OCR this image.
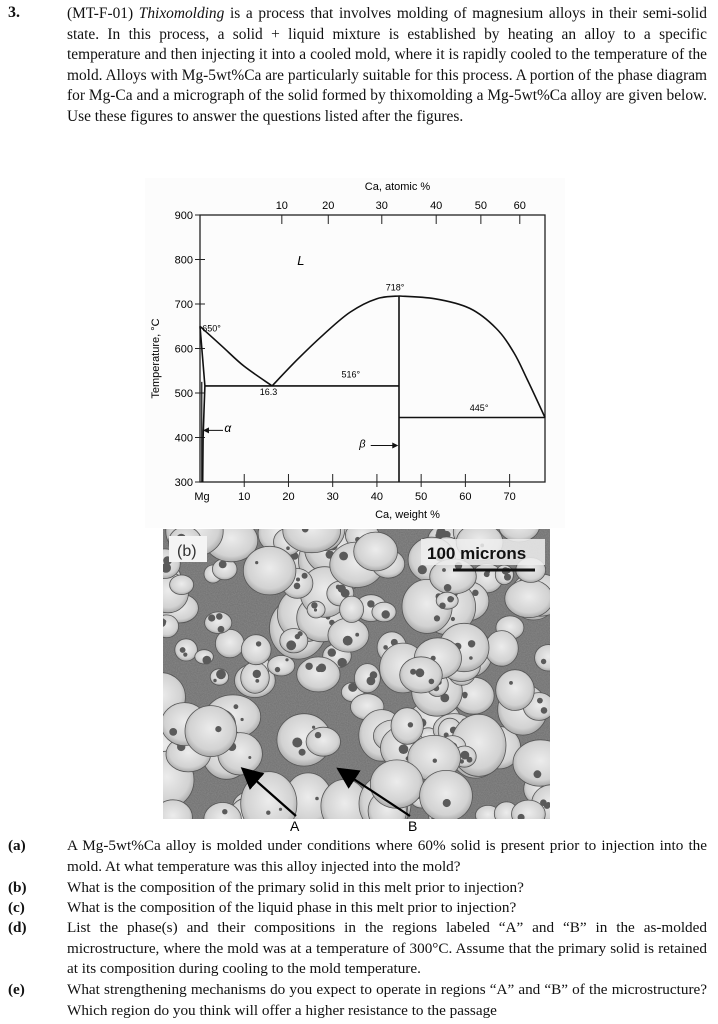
3.	(MT-F-01) Thixomolding is a process that involves molding of magnesium alloys in their semi-solid state. In this process, a solid + liquid mixture is established by heating an alloy to a specific temperature and then injecting it into a cooled mold, where it is rapidly cooled to the temperature of the mold. Alloys with Mg-5wt%Ca are particularly suitable for this process. A portion of the phase diagram for Mg-Ca and a micrograph of the solid formed by thixomolding a Mg-5wt%Ca alloy are given below. Use these figures to answer the questions listed after the figures.
300
400
500
600
700
800
900
Mg	10	20	30	40	50	60	70
10	20	30	40	50 60
Ca, atomic %
Ca, weight %
Temperature, °C
L
650°
718°
516°
445°
16.3
α
β
(b)	100 microns
A	B
(a)	A Mg-5wt%Ca alloy is molded under conditions where 60% solid is present prior to injection into the mold. At what temperature was this alloy injected into the mold?
(b)	What is the composition of the primary solid in this melt prior to injection?
(c)	What is the composition of the liquid phase in this melt prior to injection?
(d)	List the phase(s) and their compositions in the regions labeled “A” and “B” in the as-molded microstructure, where the mold was at a temperature of 300°C. Assume that the primary solid is retained at its composition during cooling to the mold temperature.
(e)	What strengthening mechanisms do you expect to operate in regions “A” and “B” of the microstructure? Which region do you think will offer a higher resistance to the passage
